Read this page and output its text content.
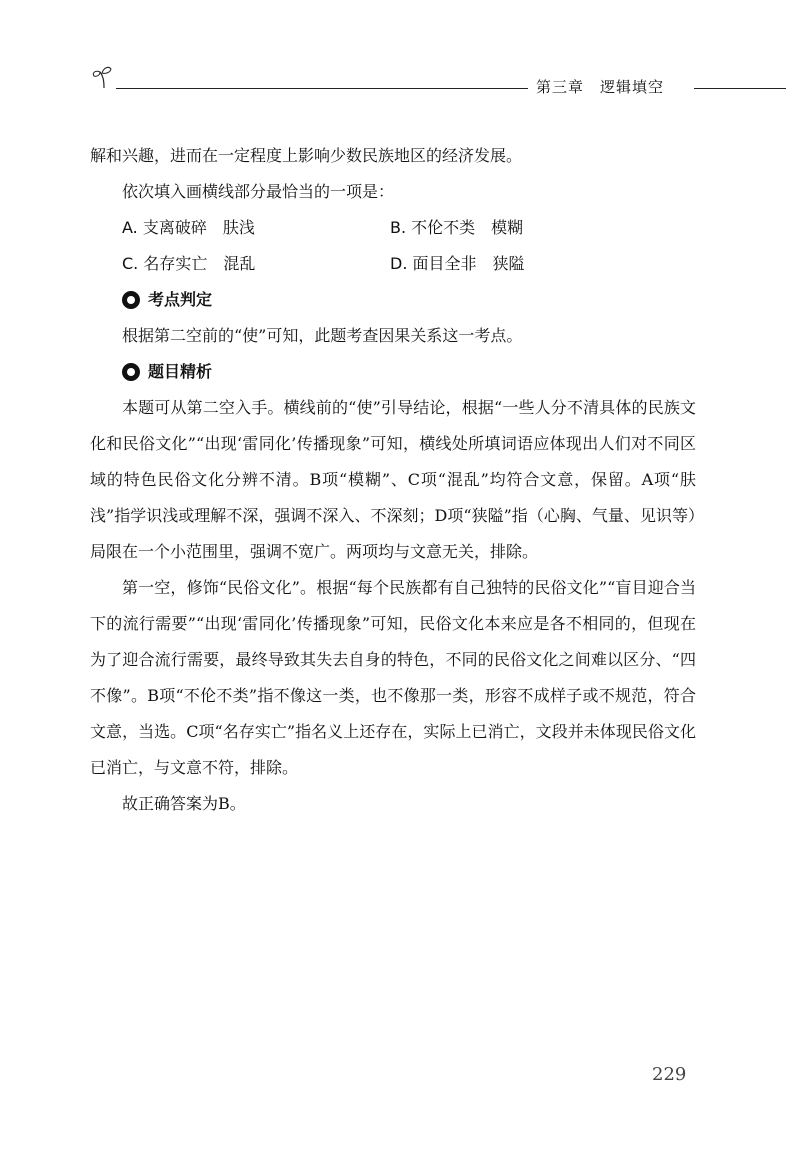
第三章　逻辑填空

解和兴趣，进而在一定程度上影响少数民族地区的经济发展。

依次填入画横线部分最恰当的一项是：

A. 支离破碎　肤浅	B. 不伦不类　模糊
C. 名存实亡　混乱	D. 面目全非　狭隘
考点判定

根据第二空前的“使”可知，此题考查因果关系这一考点。

题目精析

本题可从第二空入手。横线前的“使”引导结论，根据“一些人分不清具体的民族文化和民俗文化”“出现‘雷同化’传播现象”可知，横线处所填词语应体现出人们对不同区域的特色民俗文化分辨不清。B项“模糊”、C项“混乱”均符合文意，保留。A项“肤浅”指学识浅或理解不深，强调不深入、不深刻；D项“狭隘”指（心胸、气量、见识等）局限在一个小范围里，强调不宽广。两项均与文意无关，排除。

第一空，修饰“民俗文化”。根据“每个民族都有自己独特的民俗文化”“盲目迎合当下的流行需要”“出现‘雷同化’传播现象”可知，民俗文化本来应是各不相同的，但现在为了迎合流行需要，最终导致其失去自身的特色，不同的民俗文化之间难以区分、“四不像”。B项“不伦不类”指不像这一类，也不像那一类，形容不成样子或不规范，符合文意，当选。C项“名存实亡”指名义上还存在，实际上已消亡，文段并未体现民俗文化已消亡，与文意不符，排除。

故正确答案为B。

229
